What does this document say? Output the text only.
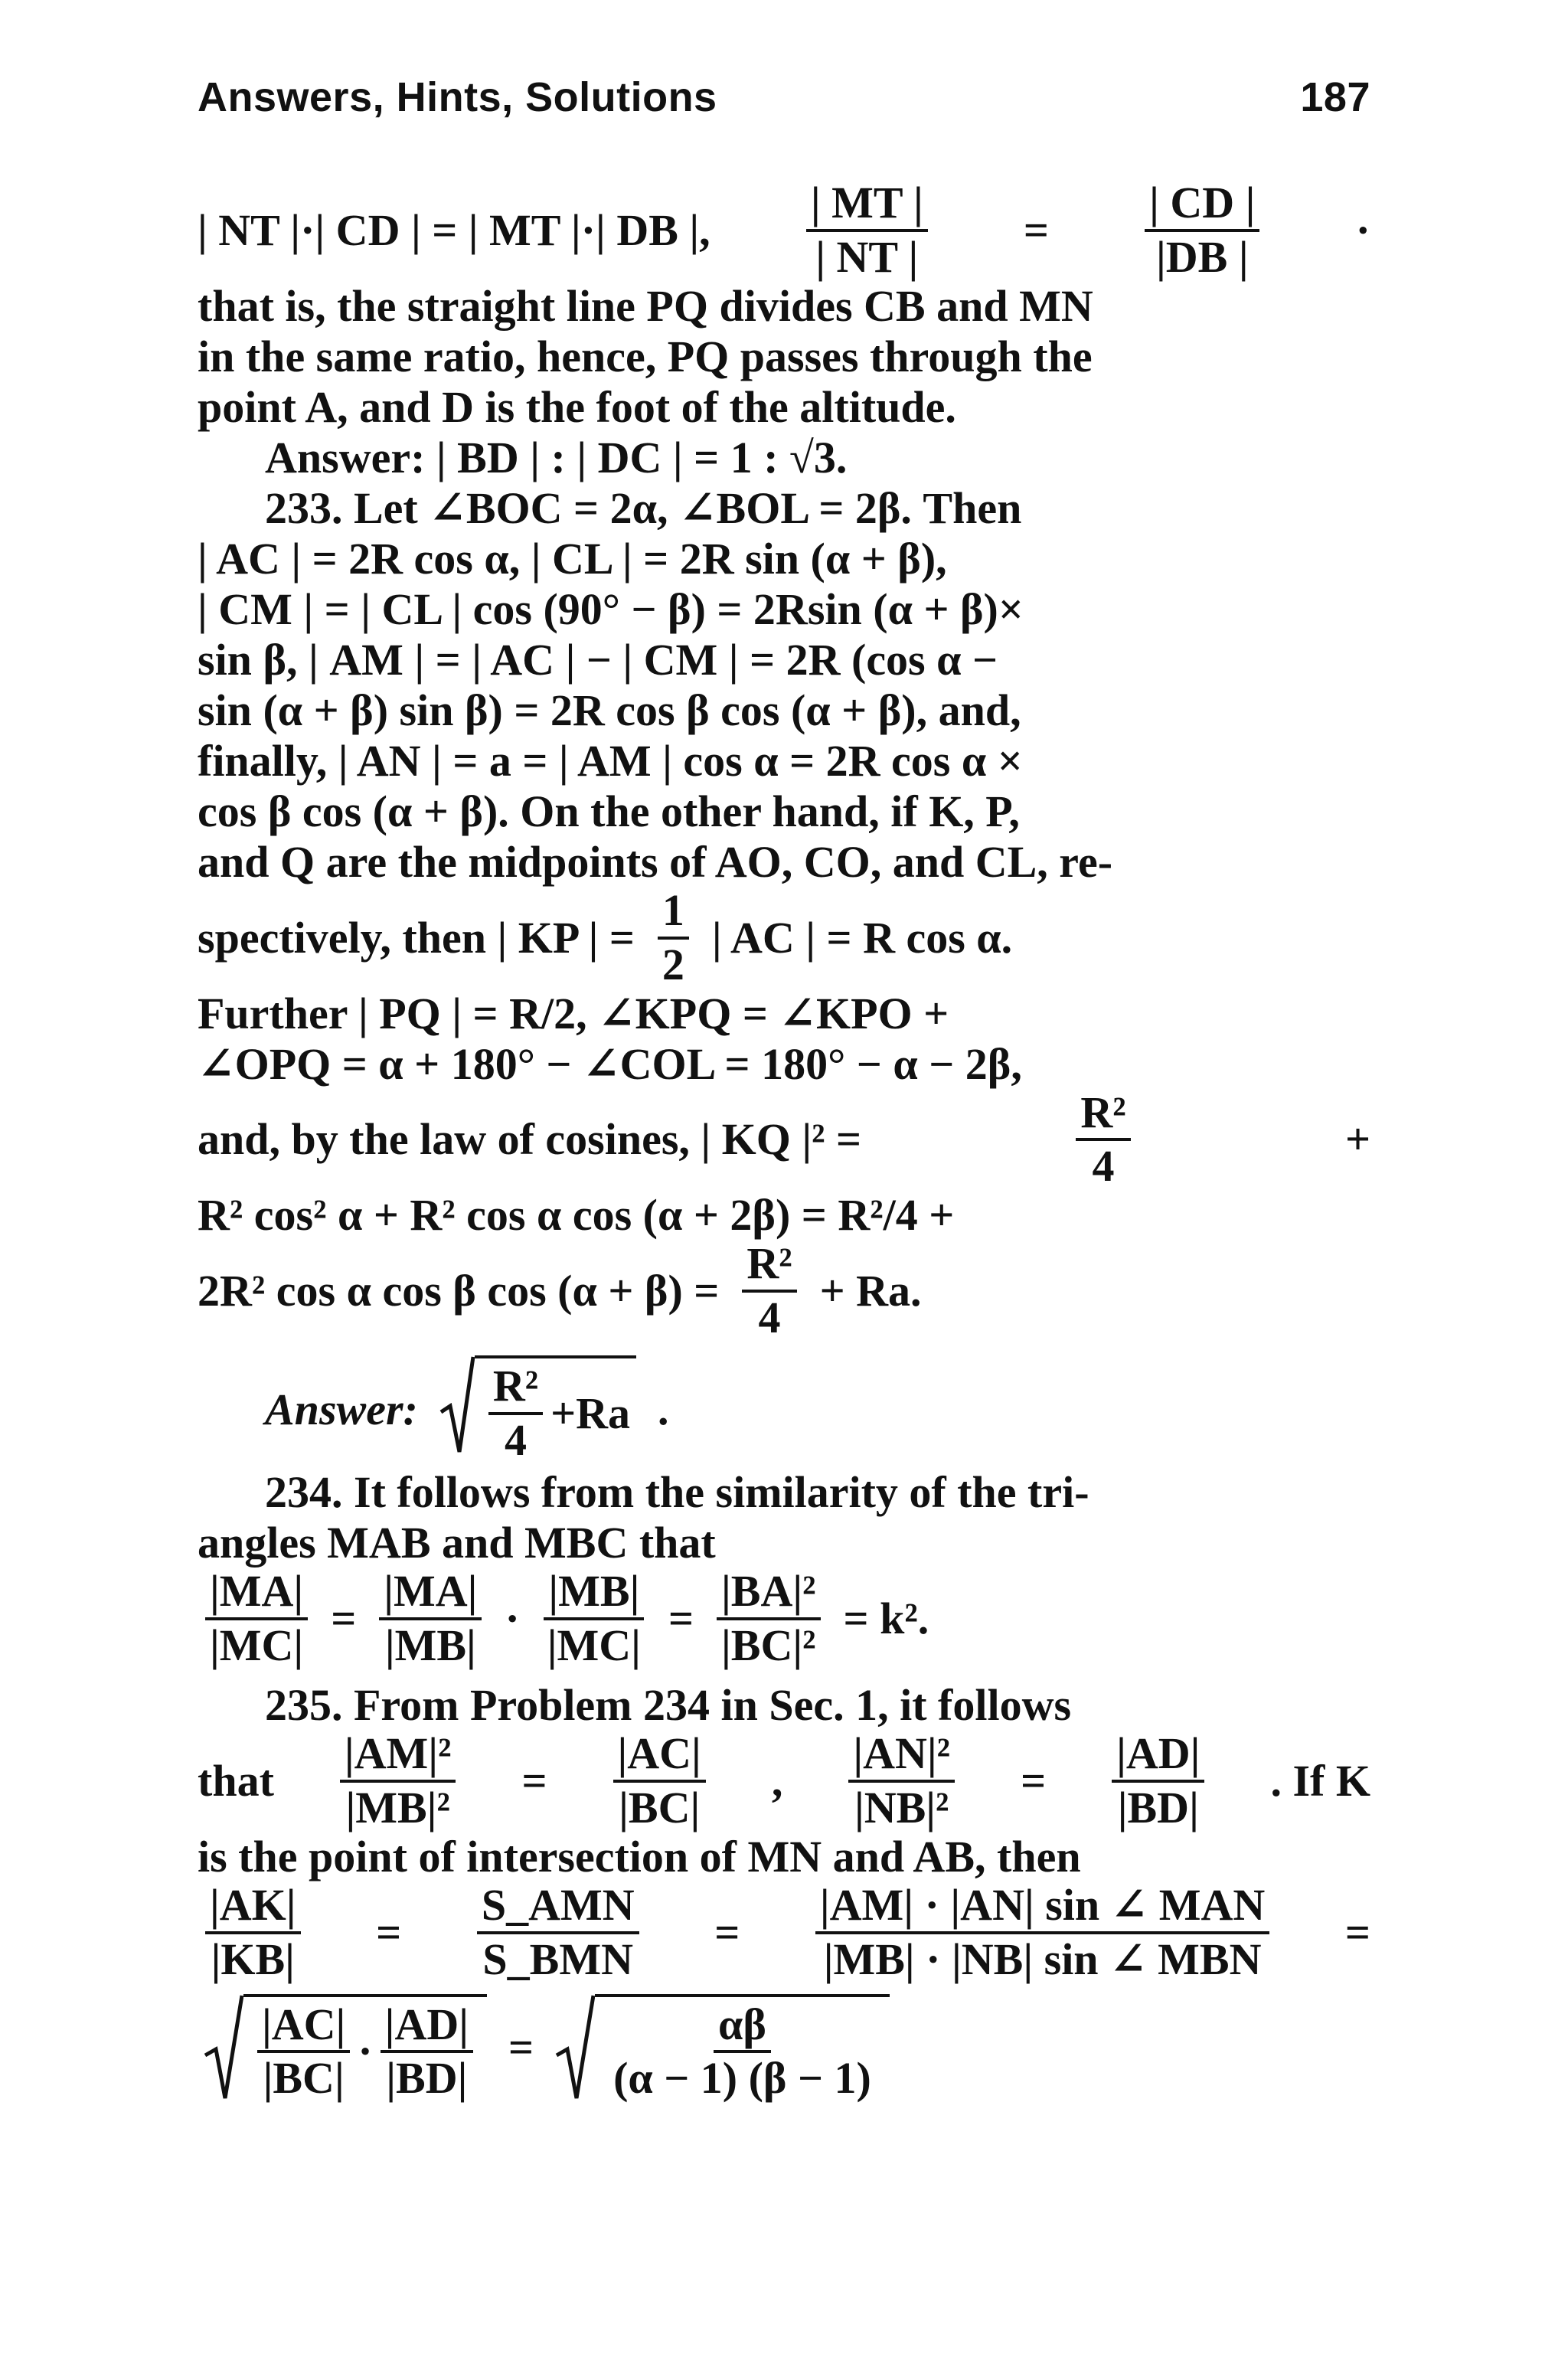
Answers, Hints, Solutions	187
| NT |·| CD | = | MT |·| DB |, $\frac{| MT |}{| NT |} = \frac{| CD |}{|DB |}$ ·
that is, the straight line PQ divides CB and MN
in the same ratio, hence, PQ passes through the
point A, and D is the foot of the altitude.
Answer: | BD | : | DC | = 1 : √3.
233. Let ∠BOC = 2α, ∠BOL = 2β. Then
| AC | = 2R cos α, | CL | = 2R sin (α + β),
| CM | = | CL | cos (90° − β) = 2Rsin (α + β)×
sin β, | AM | = | AC | − | CM | = 2R (cos α −
sin (α + β) sin β) = 2R cos β cos (α + β), and,
finally, | AN | = a = | AM | cos α = 2R cos α ×
cos β cos (α + β). On the other hand, if K, P,
and Q are the midpoints of AO, CO, and CL, re-
spectively, then | KP | = $\frac{1}{2}$ | AC | = R cos α.
Further | PQ | = R/2, ∠KPQ = ∠KPO +
∠OPQ = α + 180° − ∠COL = 180° − α − 2β,
and, by the law of cosines, | KQ |² =	$\frac{\text{R²}}{4}$	+
R² cos² α + R² cos α cos (α + 2β) = R²/4 +
2R² cos α cos β $\cos (\alpha + \beta) = \frac{\text{R²}}{4} + Ra$.
Answer: $\frac{\text{R²}}{4} +Ra$ .
234. It follows from the similarity of the tri-
angles MAB and MBC that
$\frac{|MA|}{|MC|} = \frac{|MA|}{|MB|} \cdot \frac{|MB|}{|MC|} = \frac{\text{|BA|²}}{\text{|BC|²}} = k^2$.
235. From Problem 234 in Sec. 1, it follows
that $\frac{\text{|AM|²}}{\text{|MB|²}} = \frac{|AC|}{|BC|}$ , $\frac{\text{|AN|²}}{\text{|NB|²}} = \frac{|AD|}{|BD|}$ . If K
is the point of intersection of MN and AB, then
$\frac{|AK|}{|KB|} = \frac{\text{S\_AMN}}{\text{S\_BMN}} = \frac{\text{|AM| · |AN| sin ∠ MAN}}{\text{|MB| · |NB| sin ∠ MBN}}$ =
$\frac{|AC|}{|BC|} \cdot \frac{|AD|}{|BD|} = \frac{\alpha\beta}{(\alpha - 1) (\beta - 1)}$
